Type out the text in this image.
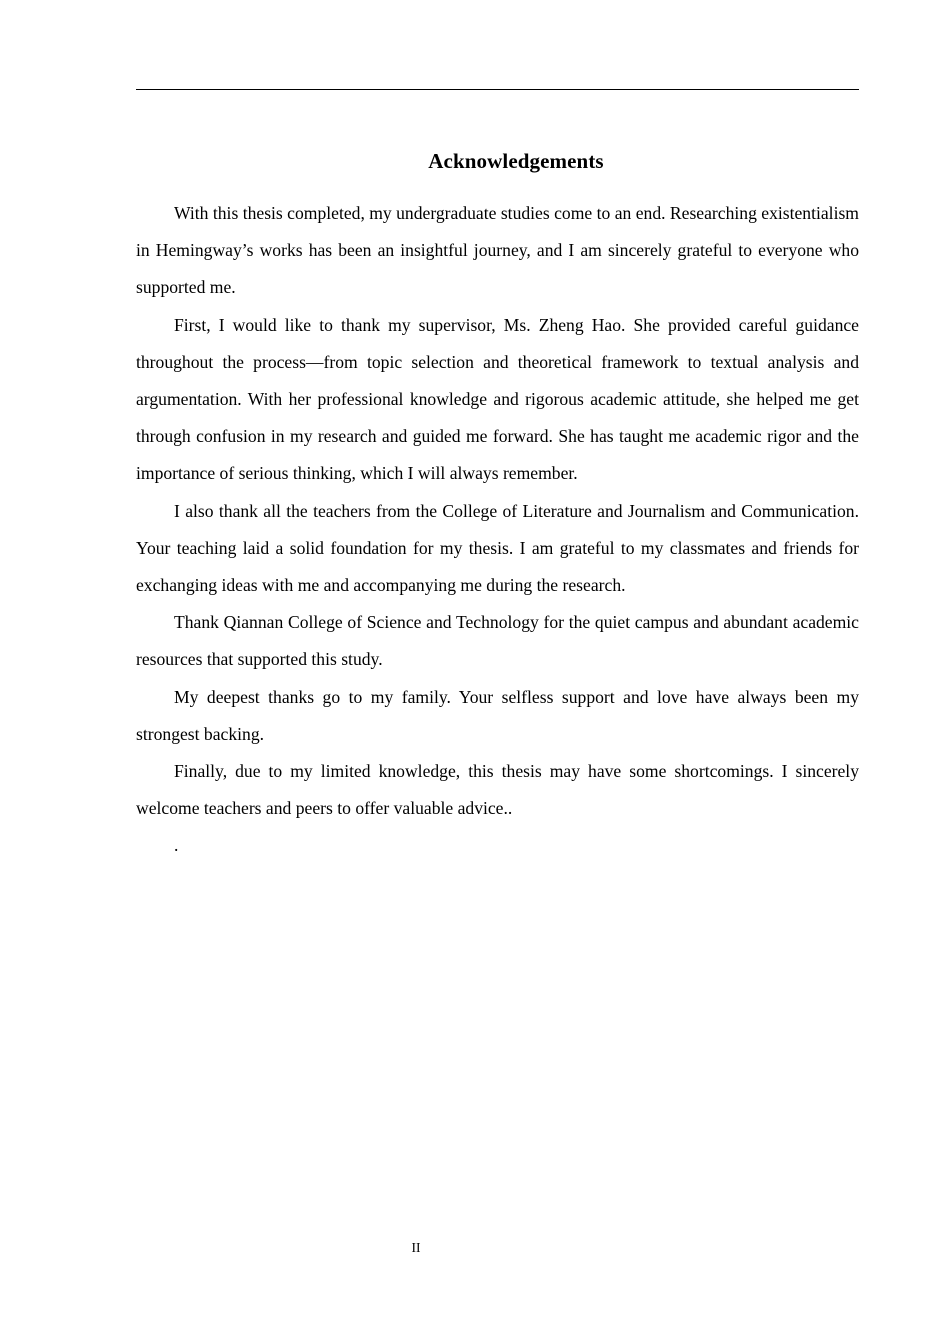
Acknowledgements

With this thesis completed, my undergraduate studies come to an end. Researching existentialism in Hemingway’s works has been an insightful journey, and I am sincerely grateful to everyone who supported me.

First, I would like to thank my supervisor, Ms. Zheng Hao. She provided careful guidance throughout the process—from topic selection and theoretical framework to textual analysis and argumentation. With her professional knowledge and rigorous academic attitude, she helped me get through confusion in my research and guided me forward. She has taught me academic rigor and the importance of serious thinking, which I will always remember.

I also thank all the teachers from the College of Literature and Journalism and Communication. Your teaching laid a solid foundation for my thesis. I am grateful to my classmates and friends for exchanging ideas with me and accompanying me during the research.

Thank Qiannan College of Science and Technology for the quiet campus and abundant academic resources that supported this study.

My deepest thanks go to my family. Your selfless support and love have always been my strongest backing.

Finally, due to my limited knowledge, this thesis may have some shortcomings. I sincerely welcome teachers and peers to offer valuable advice..

.

II
